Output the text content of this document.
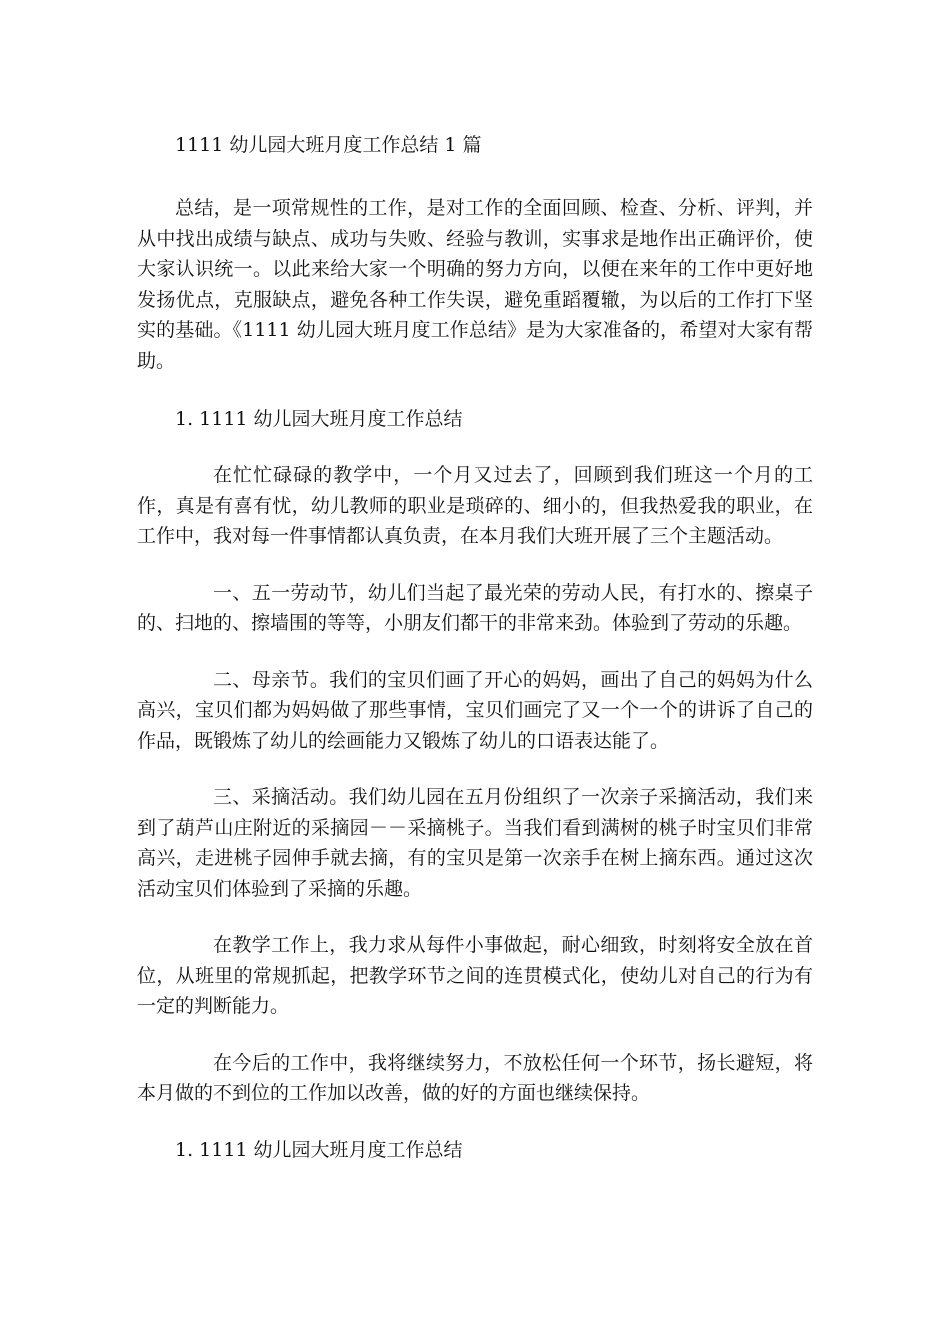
1111 幼儿园大班月度工作总结 1 篇

总结，是一项常规性的工作，是对工作的全面回顾、检查、分析、评判，并从中找出成绩与缺点、成功与失败、经验与教训，实事求是地作出正确评价，使大家认识统一。以此来给大家一个明确的努力方向，以便在来年的工作中更好地发扬优点，克服缺点，避免各种工作失误，避免重蹈覆辙，为以后的工作打下坚实的基础。《1111 幼儿园大班月度工作总结》是为大家准备的，希望对大家有帮助。

1. 1111 幼儿园大班月度工作总结

在忙忙碌碌的教学中，一个月又过去了，回顾到我们班这一个月的工作，真是有喜有忧，幼儿教师的职业是琐碎的、细小的，但我热爱我的职业，在工作中，我对每一件事情都认真负责，在本月我们大班开展了三个主题活动。

一、五一劳动节，幼儿们当起了最光荣的劳动人民，有打水的、擦桌子的、扫地的、擦墙围的等等，小朋友们都干的非常来劲。体验到了劳动的乐趣。

二、母亲节。我们的宝贝们画了开心的妈妈，画出了自己的妈妈为什么高兴，宝贝们都为妈妈做了那些事情，宝贝们画完了又一个一个的讲诉了自己的作品，既锻炼了幼儿的绘画能力又锻炼了幼儿的口语表达能了。

三、采摘活动。我们幼儿园在五月份组织了一次亲子采摘活动，我们来到了葫芦山庄附近的采摘园－－采摘桃子。当我们看到满树的桃子时宝贝们非常高兴，走进桃子园伸手就去摘，有的宝贝是第一次亲手在树上摘东西。通过这次活动宝贝们体验到了采摘的乐趣。

在教学工作上，我力求从每件小事做起，耐心细致，时刻将安全放在首位，从班里的常规抓起，把教学环节之间的连贯模式化，使幼儿对自己的行为有一定的判断能力。

在今后的工作中，我将继续努力，不放松任何一个环节，扬长避短，将本月做的不到位的工作加以改善，做的好的方面也继续保持。

1. 1111 幼儿园大班月度工作总结
